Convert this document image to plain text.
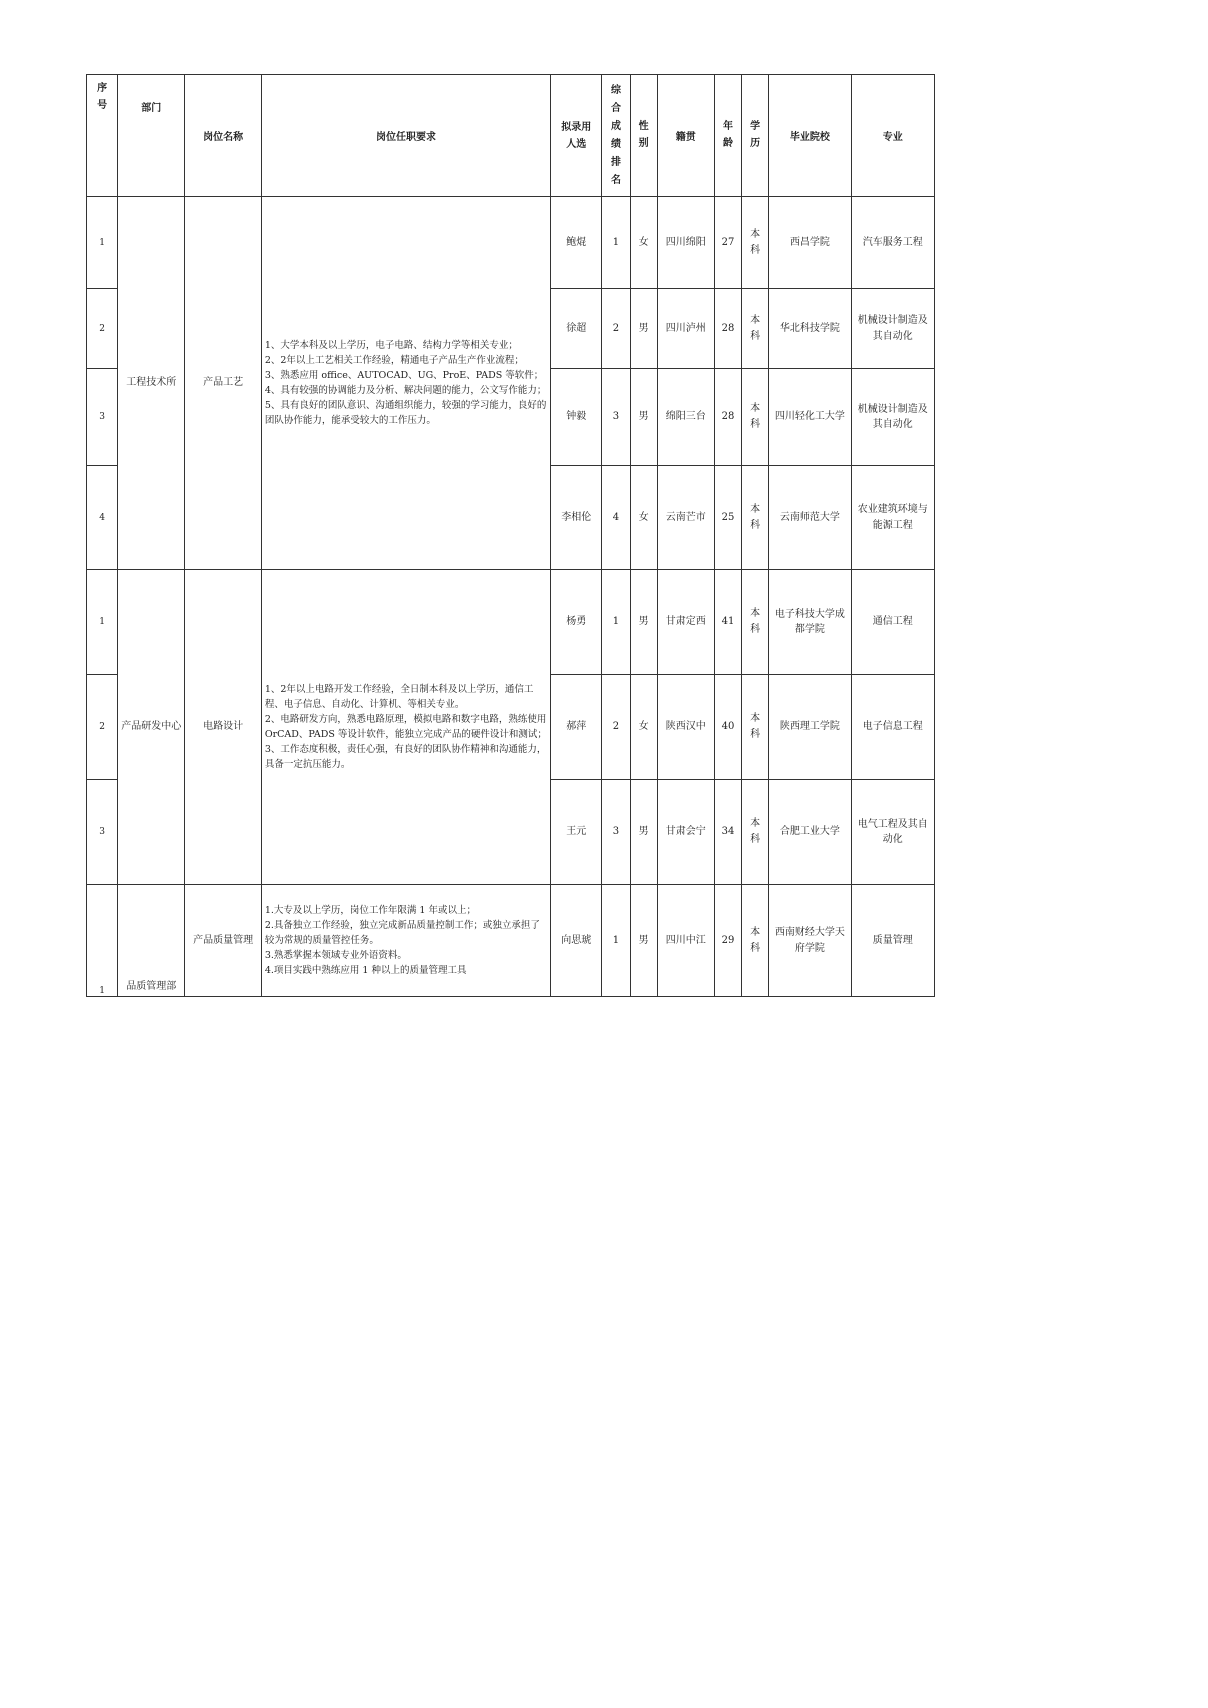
序号	部门	岗位名称	岗位任职要求	拟录用人选	综合成绩排名	性别	籍贯	年龄	学历	毕业院校	专业
1	工程技术所	产品工艺	1、大学本科及以上学历，电子电路、结构力学等相关专业；
2、2年以上工艺相关工作经验，精通电子产品生产作业流程；
3、熟悉应用 office、AUTOCAD、UG、ProE、PADS 等软件；
4、具有较强的协调能力及分析、解决问题的能力，公文写作能力；
5、具有良好的团队意识、沟通组织能力，较强的学习能力，良好的团队协作能力，能承受较大的工作压力。	鲍焜	1	女	四川绵阳	27	本科	西昌学院	汽车服务工程
2				徐超	2	男	四川泸州	28	本科	华北科技学院	机械设计制造及其自动化
3				钟毅	3	男	绵阳三台	28	本科	四川轻化工大学	机械设计制造及其自动化
4				李相伦	4	女	云南芒市	25	本科	云南师范大学	农业建筑环境与能源工程
1	产品研发中心	电路设计	1、2年以上电路开发工作经验，全日制本科及以上学历，通信工程、电子信息、自动化、计算机、等相关专业。
2、电路研发方向，熟悉电路原理，模拟电路和数字电路，熟练使用 OrCAD、PADS 等设计软件，能独立完成产品的硬件设计和测试；
3、工作态度积极，责任心强，有良好的团队协作精神和沟通能力，具备一定抗压能力。	杨勇	1	男	甘肃定西	41	本科	电子科技大学成都学院	通信工程
2				郝萍	2	女	陕西汉中	40	本科	陕西理工学院	电子信息工程
3				王元	3	男	甘肃会宁	34	本科	合肥工业大学	电气工程及其自动化
1	品质管理部	产品质量管理	1.大专及以上学历，岗位工作年限满 1 年或以上；
2.具备独立工作经验，独立完成新品质量控制工作；或独立承担了较为常规的质量管控任务。
3.熟悉掌握本领域专业外语资料。
4.项目实践中熟练应用 1 种以上的质量管理工具	向思琥	1	男	四川中江	29	本科	西南财经大学天府学院	质量管理
